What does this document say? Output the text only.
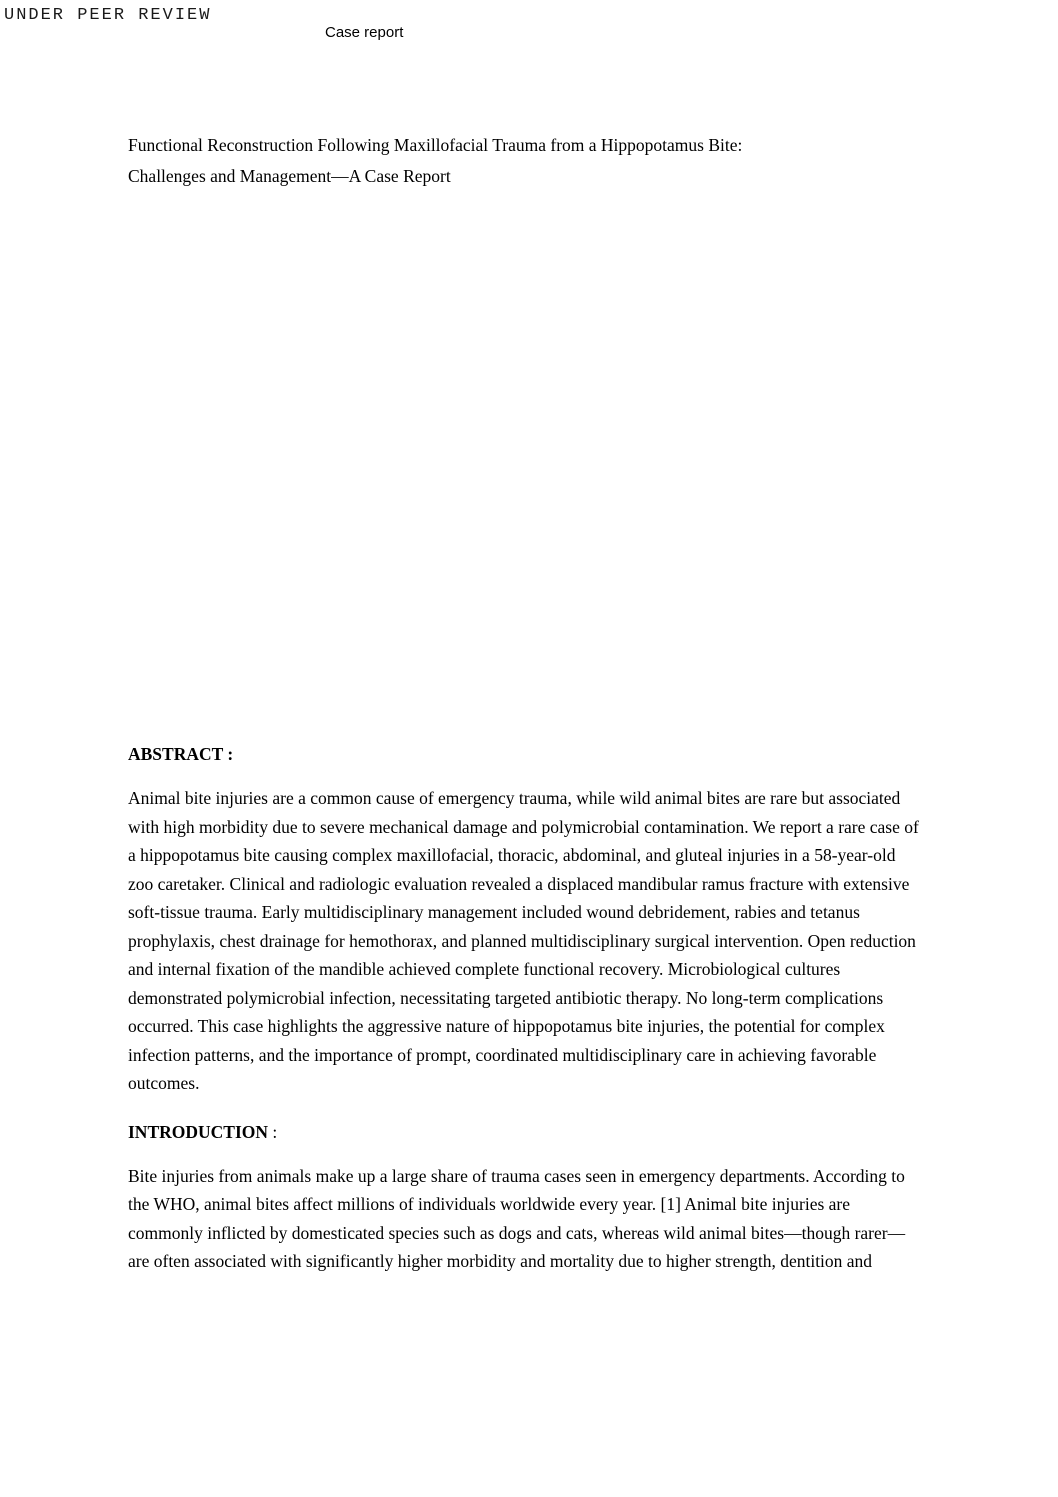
UNDER PEER REVIEW
Case report
Functional Reconstruction Following Maxillofacial Trauma from a Hippopotamus Bite:
Challenges and Management—A Case Report
ABSTRACT :

Animal bite injuries are a common cause of emergency trauma, while wild animal bites are rare but associated with high morbidity due to severe mechanical damage and polymicrobial contamination. We report a rare case of a hippopotamus bite causing complex maxillofacial, thoracic, abdominal, and gluteal injuries in a 58-year-old zoo caretaker. Clinical and radiologic evaluation revealed a displaced mandibular ramus fracture with extensive soft-tissue trauma. Early multidisciplinary management included wound debridement, rabies and tetanus prophylaxis, chest drainage for hemothorax, and planned multidisciplinary surgical intervention. Open reduction and internal fixation of the mandible achieved complete functional recovery. Microbiological cultures demonstrated polymicrobial infection, necessitating targeted antibiotic therapy. No long-term complications occurred. This case highlights the aggressive nature of hippopotamus bite injuries, the potential for complex infection patterns, and the importance of prompt, coordinated multidisciplinary care in achieving favorable outcomes.

INTRODUCTION :

Bite injuries from animals make up a large share of trauma cases seen in emergency departments. According to the WHO, animal bites affect millions of individuals worldwide every year. [1] Animal bite injuries are commonly inflicted by domesticated species such as dogs and cats, whereas wild animal bites—though rarer—are often associated with significantly higher morbidity and mortality due to higher strength, dentition and
